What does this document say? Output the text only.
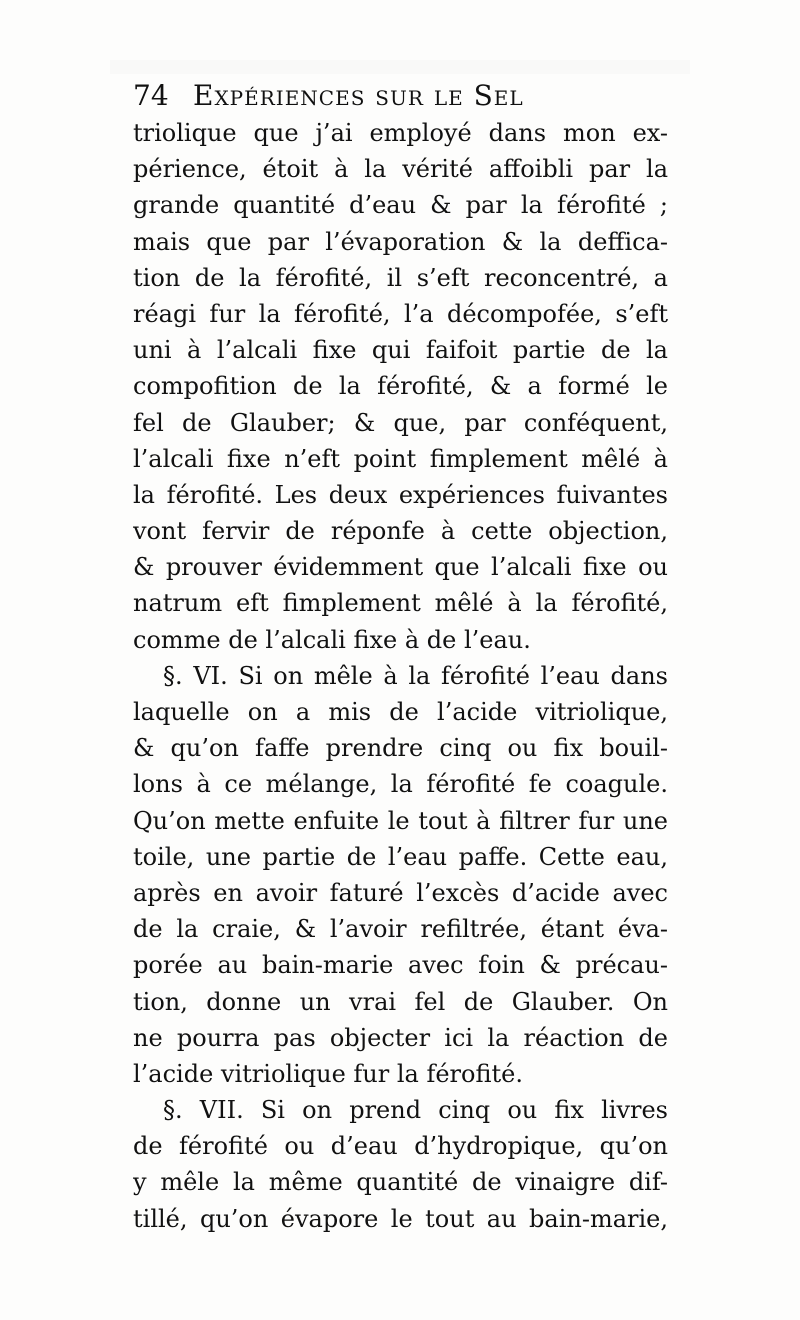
74 Expériences sur le Sel
triolique que j’ai employé dans mon ex-
périence, étoit à la vérité affoibli par la
grande quantité d’eau & par la férofité ;
mais que par l’évaporation & la deffica-
tion de la férofité, il s’eft reconcentré, a
réagi fur la férofité, l’a décompofée, s’eft
uni à l’alcali fixe qui faifoit partie de la
compofition de la férofité, & a formé le
fel de Glauber; & que, par conféquent,
l’alcali fixe n’eft point fimplement mêlé à
la férofité. Les deux expériences fuivantes
vont fervir de réponfe à cette objection,
& prouver évidemment que l’alcali fixe ou
natrum eft fimplement mêlé à la férofité,
comme de l’alcali fixe à de l’eau.
§. VI. Si on mêle à la férofité l’eau dans
laquelle on a mis de l’acide vitriolique,
& qu’on faffe prendre cinq ou fix bouil-
lons à ce mélange, la férofité fe coagule.
Qu’on mette enfuite le tout à filtrer fur une
toile, une partie de l’eau paffe. Cette eau,
après en avoir faturé l’excès d’acide avec
de la craie, & l’avoir refiltrée, étant éva-
porée au bain-marie avec foin & précau-
tion, donne un vrai fel de Glauber. On
ne pourra pas objecter ici la réaction de
l’acide vitriolique fur la férofité.
§. VII. Si on prend cinq ou fix livres
de férofité ou d’eau d’hydropique, qu’on
y mêle la même quantité de vinaigre dif-
tillé, qu’on évapore le tout au bain-marie,
